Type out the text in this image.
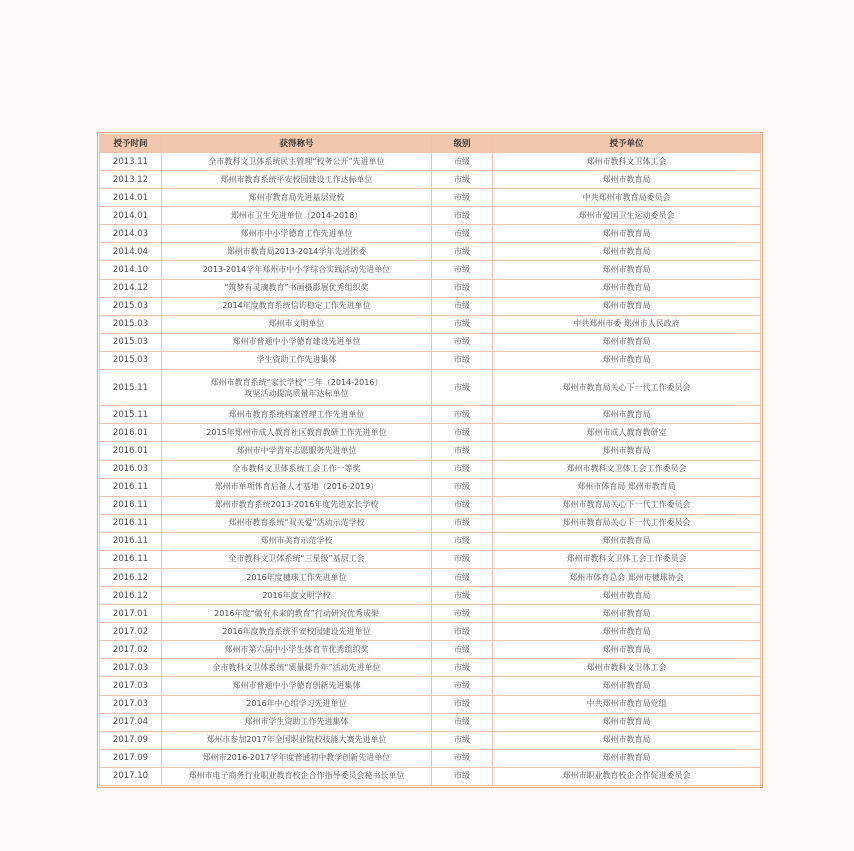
授予时间	获得称号	级别	授予单位
2013.11	全市教科文卫体系统民主管理“校务公开”先进单位	市级	郑州市教科文卫体工会
2013.12	郑州市教育系统平安校园建设工作达标单位	市级	郑州市教育局
2014.01	郑州市教育局先进基层党校	市级	中共郑州市教育局委员会
2014.01	郑州市卫生先进单位（2014-2018）	市级	郑州市爱国卫生运动委员会
2014.03	郑州市中小学德育工作先进单位	市级	郑州市教育局
2014.04	郑州市教育局2013-2014学年先进团委	市级	郑州市教育局
2014.10	2013-2014学年郑州市中小学综合实践活动先进单位	市级	郑州市教育局
2014.12	“筑梦有灵魂教育”书画摄影展优秀组织奖	市级	郑州市教育局
2015.03	2014年度教育系统信访稳定工作先进单位	市级	郑州市教育局
2015.03	郑州市文明单位	市级	中共郑州市委 郑州市人民政府
2015.03	郑州市普通中小学德育建设先进单位	市级	郑州市教育局
2015.03	学生资助工作先进集体	市级	郑州市教育局
2015.11	郑州市教育系统“家长学校”三年（2014-2016）
攻坚活动提高质量年达标单位	市级	郑州市教育局关心下一代工作委员会
2015.11	郑州市教育系统档案管理工作先进单位	市级	郑州市教育局
2016.01	2015年郑州市成人教育社区教育教研工作先进单位	市级	郑州市成人教育教研室
2016.01	郑州市中学青年志愿服务先进单位	市级	郑州市教育局
2016.03	全市教科文卫体系统工会工作一等奖	市级	郑州市教科文卫体工会工作委员会
2016.11	郑州市单项体育后备人才基地（2016-2019）	市级	郑州市体育局 郑州市教育局
2016.11	郑州市教育系统2013-2016年度先进家长学校	市级	郑州市教育局关心下一代工作委员会
2016.11	郑州市教育系统“双关爱”活动示范学校	市级	郑州市教育局关心下一代工作委员会
2016.11	郑州市美育示范学校	市级	郑州市教育局
2016.11	全市教科文卫体系统“三星级”基层工会	市级	郑州市教科文卫体工会工作委员会
2016.12	2016年度毽球工作先进单位	市级	郑州市体育总会 郑州市毽球协会
2016.12	2016年度文明学校	市级	郑州市教育局
2017.01	2016年度“做有未来的教育”行动研究优秀成果	市级	郑州市教育局
2017.02	2016年度教育系统平安校园建设先进单位	市级	郑州市教育局
2017.02	郑州市第六届中小学生体育节优秀组织奖	市级	郑州市教育局
2017.03	全市教科文卫体系统“质量提升年”活动先进单位	市级	郑州市教科文卫体工会
2017.03	郑州市普通中小学德育创新先进集体	市级	郑州市教育局
2017.03	2016年中心组学习先进单位	市级	中共郑州市教育局党组
2017.04	郑州市学生资助工作先进集体	市级	郑州市教育局
2017.09	郑州市参加2017年全国职业院校技能大赛先进单位	市级	郑州市教育局
2017.09	郑州市2016-2017学年度普通初中教学创新先进单位	市级	郑州市教育局
2017.10	郑州市电子商务行业职业教育校企合作指导委员会秘书长单位	市级	郑州市职业教育校企合作促进委员会
